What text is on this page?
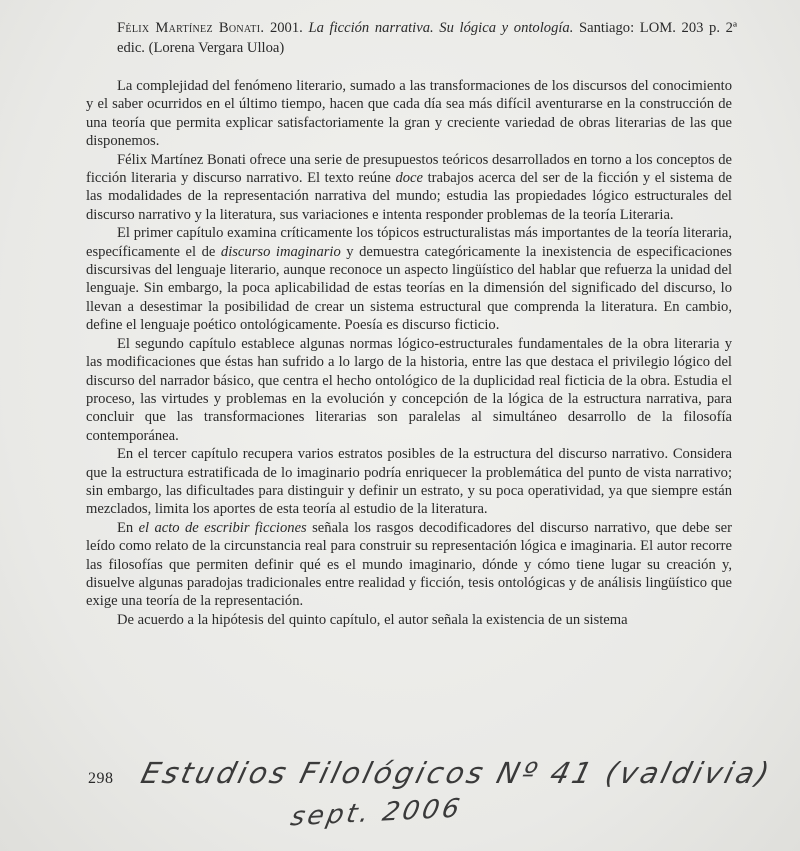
Félix Martínez Bonati. 2001. La ficción narrativa. Su lógica y ontología. Santiago: LOM. 203 p. 2ª edic. (Lorena Vergara Ulloa)

La complejidad del fenómeno literario, sumado a las transformaciones de los discursos del conocimiento y el saber ocurridos en el último tiempo, hacen que cada día sea más difícil aventurarse en la construcción de una teoría que permita explicar satisfactoriamente la gran y creciente variedad de obras literarias de las que disponemos.

Félix Martínez Bonati ofrece una serie de presupuestos teóricos desarrollados en torno a los conceptos de ficción literaria y discurso narrativo. El texto reúne doce trabajos acerca del ser de la ficción y el sistema de las modalidades de la representación narrativa del mundo; estudia las propiedades lógico estructurales del discurso narrativo y la literatura, sus variaciones e intenta responder problemas de la teoría Literaria.

El primer capítulo examina críticamente los tópicos estructuralistas más importantes de la teoría literaria, específicamente el de discurso imaginario y demuestra categóricamente la inexistencia de especificaciones discursivas del lenguaje literario, aunque reconoce un aspecto lingüístico del hablar que refuerza la unidad del lenguaje. Sin embargo, la poca aplicabilidad de estas teorías en la dimensión del significado del discurso, lo llevan a desestimar la posibilidad de crear un sistema estructural que comprenda la literatura. En cambio, define el lenguaje poético ontológicamente. Poesía es discurso ficticio.

El segundo capítulo establece algunas normas lógico-estructurales fundamentales de la obra literaria y las modificaciones que éstas han sufrido a lo largo de la historia, entre las que destaca el privilegio lógico del discurso del narrador básico, que centra el hecho ontológico de la duplicidad real ficticia de la obra. Estudia el proceso, las virtudes y problemas en la evolución y concepción de la lógica de la estructura narrativa, para concluir que las transformaciones literarias son paralelas al simultáneo desarrollo de la filosofía contemporánea.

En el tercer capítulo recupera varios estratos posibles de la estructura del discurso narrativo. Considera que la estructura estratificada de lo imaginario podría enriquecer la problemática del punto de vista narrativo; sin embargo, las dificultades para distinguir y definir un estrato, y su poca operatividad, ya que siempre están mezclados, limita los aportes de esta teoría al estudio de la literatura.

En el acto de escribir ficciones señala los rasgos decodificadores del discurso narrativo, que debe ser leído como relato de la circunstancia real para construir su representación lógica e imaginaria. El autor recorre las filosofías que permiten definir qué es el mundo imaginario, dónde y cómo tiene lugar su creación y, disuelve algunas paradojas tradicionales entre realidad y ficción, tesis ontológicas y de análisis lingüístico que exige una teoría de la representación.

De acuerdo a la hipótesis del quinto capítulo, el autor señala la existencia de un sistema

298 Estudios Filológicos Nº 41 (valdivia)
sept. 2006
